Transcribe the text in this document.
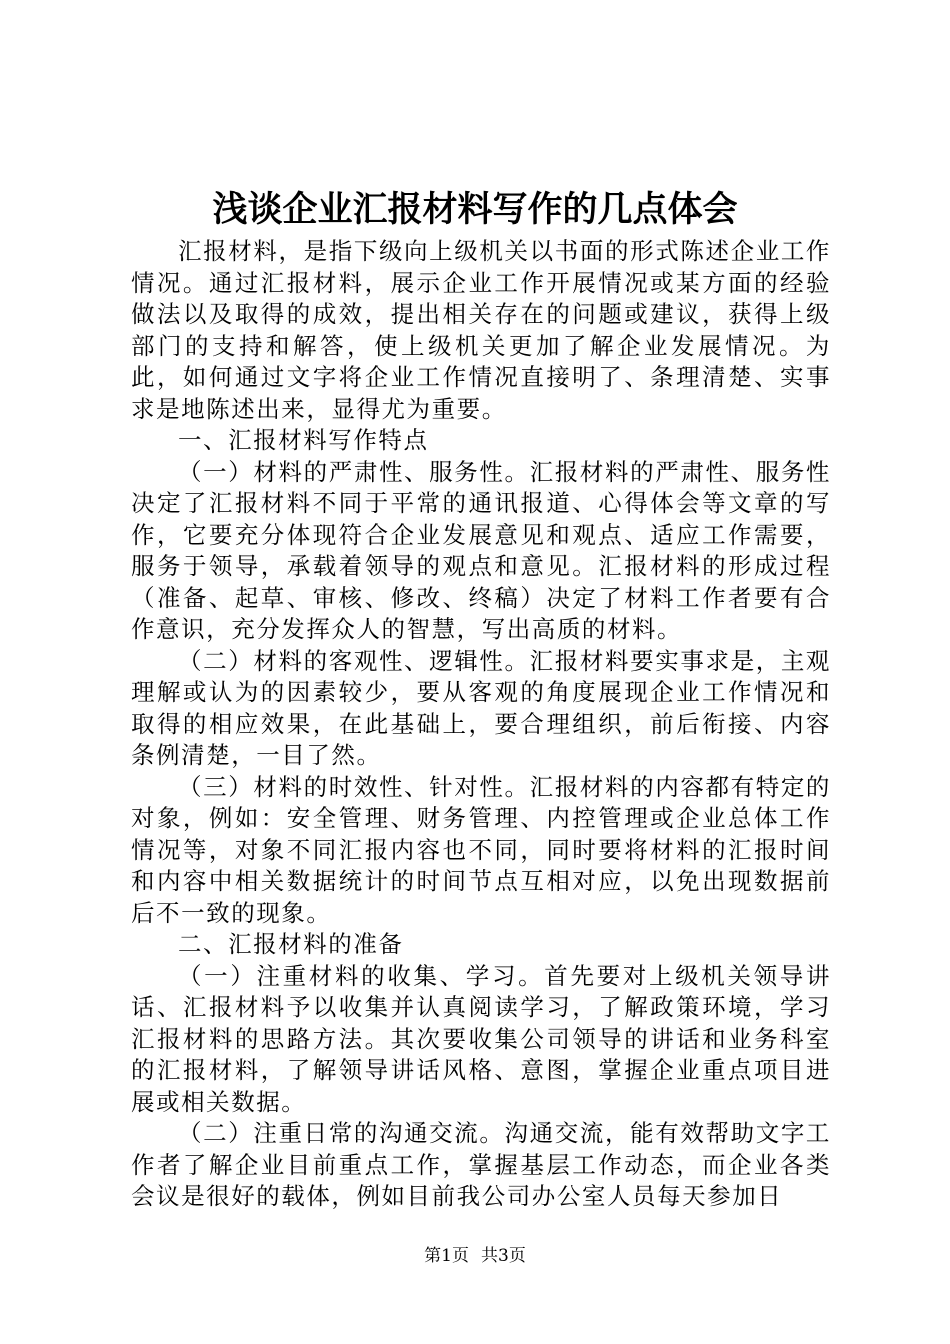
浅谈企业汇报材料写作的几点体会

汇报材料，是指下级向上级机关以书面的形式陈述企业工作情况。通过汇报材料，展示企业工作开展情况或某方面的经验做法以及取得的成效，提出相关存在的问题或建议，获得上级部门的支持和解答，使上级机关更加了解企业发展情况。为此，如何通过文字将企业工作情况直接明了、条理清楚、实事求是地陈述出来，显得尤为重要。

一、汇报材料写作特点

（一）材料的严肃性、服务性。汇报材料的严肃性、服务性决定了汇报材料不同于平常的通讯报道、心得体会等文章的写作，它要充分体现符合企业发展意见和观点、适应工作需要，服务于领导，承载着领导的观点和意见。汇报材料的形成过程（准备、起草、审核、修改、终稿）决定了材料工作者要有合作意识，充分发挥众人的智慧，写出高质的材料。

（二）材料的客观性、逻辑性。汇报材料要实事求是，主观理解或认为的因素较少，要从客观的角度展现企业工作情况和取得的相应效果，在此基础上，要合理组织，前后衔接、内容条例清楚，一目了然。

（三）材料的时效性、针对性。汇报材料的内容都有特定的对象，例如：安全管理、财务管理、内控管理或企业总体工作情况等，对象不同汇报内容也不同，同时要将材料的汇报时间和内容中相关数据统计的时间节点互相对应，以免出现数据前后不一致的现象。

二、汇报材料的准备

（一）注重材料的收集、学习。首先要对上级机关领导讲话、汇报材料予以收集并认真阅读学习，了解政策环境，学习汇报材料的思路方法。其次要收集公司领导的讲话和业务科室的汇报材料，了解领导讲话风格、意图，掌握企业重点项目进展或相关数据。

（二）注重日常的沟通交流。沟通交流，能有效帮助文字工作者了解企业目前重点工作，掌握基层工作动态，而企业各类会议是很好的载体，例如目前我公司办公室人员每天参加日

第1页 共3页
